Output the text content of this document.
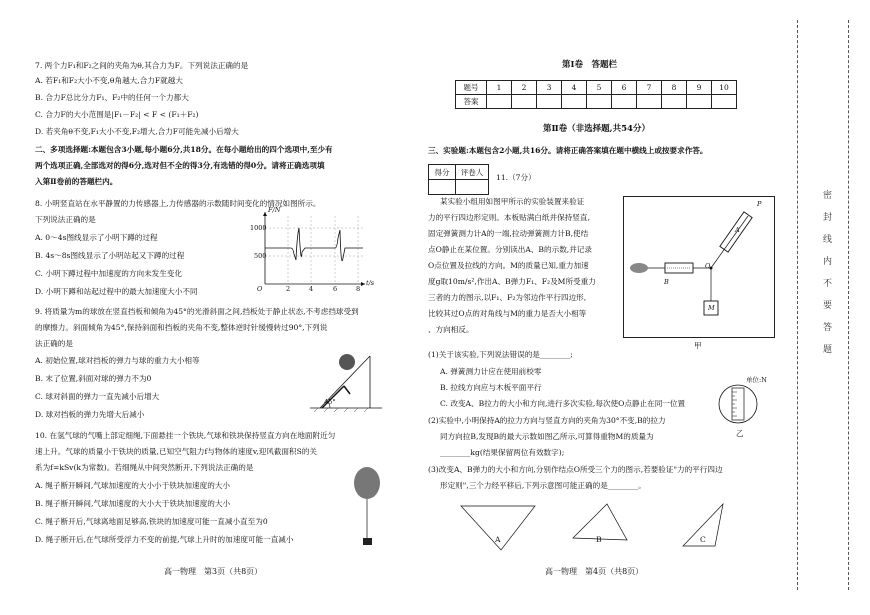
7. 两个力F₁和F₂之间的夹角为θ,其合力为F。下列说法正确的是
A. 若F₁和F₂大小不变,θ角越大,合力F就越大
B. 合力F总比分力F₁、F₂中的任何一个力都大
C. 合力F的大小范围是|F₁－F₂| < F < (F₁＋F₂)
D. 若夹角θ不变,F₁大小不变,F₂增大,合力F可能先减小后增大
二、多项选择题:本题包含3小题,每小题6分,共18分。在每小题给出的四个选项中,至少有
两个选项正确,全部选对的得6分,选对但不全的得3分,有选错的得0分。请将正确选项填
入第Ⅱ卷前的答题栏内。
8. 小明竖直站在水平静置的力传感器上,力传感器的示数随时间变化的情况如图所示。
下列说法正确的是
A. 0～4s图线显示了小明下蹲的过程
B. 4s～8s图线显示了小明站起又下蹲的过程
C. 小明下蹲过程中加速度的方向未发生变化
D. 小明下蹲和站起过程中的最大加速度大小不同
F/N
1000
500
O	2	4	6	8
t/s
9. 将质量为m的球放在竖直挡板和倾角为45°的光滑斜面之间,挡板处于静止状态,不考虑挡球受到
的摩擦力。斜面倾角为45°,保持斜面和挡板的夹角不变,整体逆时针缓慢转过90°,下列说
法正确的是
A. 初始位置,球对挡板的弹力与球的重力大小相等
B. 末了位置,斜面对球的弹力不为0
C. 球对斜面的弹力一直先减小后增大
D. 球对挡板的弹力先增大后减小
45°
10. 在氢气球的气嘴上部定细绳,下面悬挂一个铁块,气球和铁块保持竖直方向在地面附近匀
速上升。气球的质量小于铁块的质量,已知空气阻力f与物体的速度v,迎风截面积S的关
系为f=kSv(k为常数)。若细绳从中间突然断开,下列说法正确的是
A. 绳子断开瞬间,气球加速度的大小小于铁块加速度的大小
B. 绳子断开瞬间,气球加速度的大小大于铁块加速度的大小
C. 绳子断开后,气球离地面足够高,铁块的加速度可能一直减小直至为0
D. 绳子断开后,在气球所受浮力不变的前提,气球上升时的加速度可能一直减小
高一物理　第3页（共8页）
第Ⅰ卷　答题栏
题号	1	2	3	4	5	6	7	8	9	10
答案										
第Ⅱ卷（非选择题,共54分）
三、实验题:本题包含2小题,共16分。请将正确答案填在题中横线上或按要求作答。
得分	评卷人

11.（7分）
某实验小组用如图甲所示的实验装置来验证
力的平行四边形定则。本板贴满白纸并保持竖直,
固定弹簧测力计A的一端,拉动弹簧测力计B,使结
点O静止在某位置。分别读出A、B的示数,并记录
O点位置及拉线的方向。M的质量已知,重力加速
度g取10m/s²,作出A、B弹力F₁、F₂及M所受重力
三者的力的图示,以F₁、F₂为邻边作平行四边形,
比较其过O点的对角线与M的重力是否大小相等
、方向相反。
A
P
B
O
M
甲
(1)关于该实验,下列说法错误的是________;
A. 弹簧测力计应在使用前校零
B. 拉线方向应与木板平面平行
C. 改变A、B拉力的大小和方向,进行多次实验,每次使O点静止在同一位置
(2)实验中,小明保持A的拉力方向与竖直方向的夹角为30°不变,B的拉力
同方向拉B,发现B的最大示数如图乙所示,可算得重物M的质量为
________kg(结果保留两位有效数字);
单位:N
乙
(3)改变A、B弹力的大小和方向,分别作结点O所受三个力的图示,若要验证"力的平行四边
形定则",三个力经平移后,下列示意图可能正确的是________。
A	B	C
高一物理　第4页（共8页）
密　封　线　内　不　要　答　题
